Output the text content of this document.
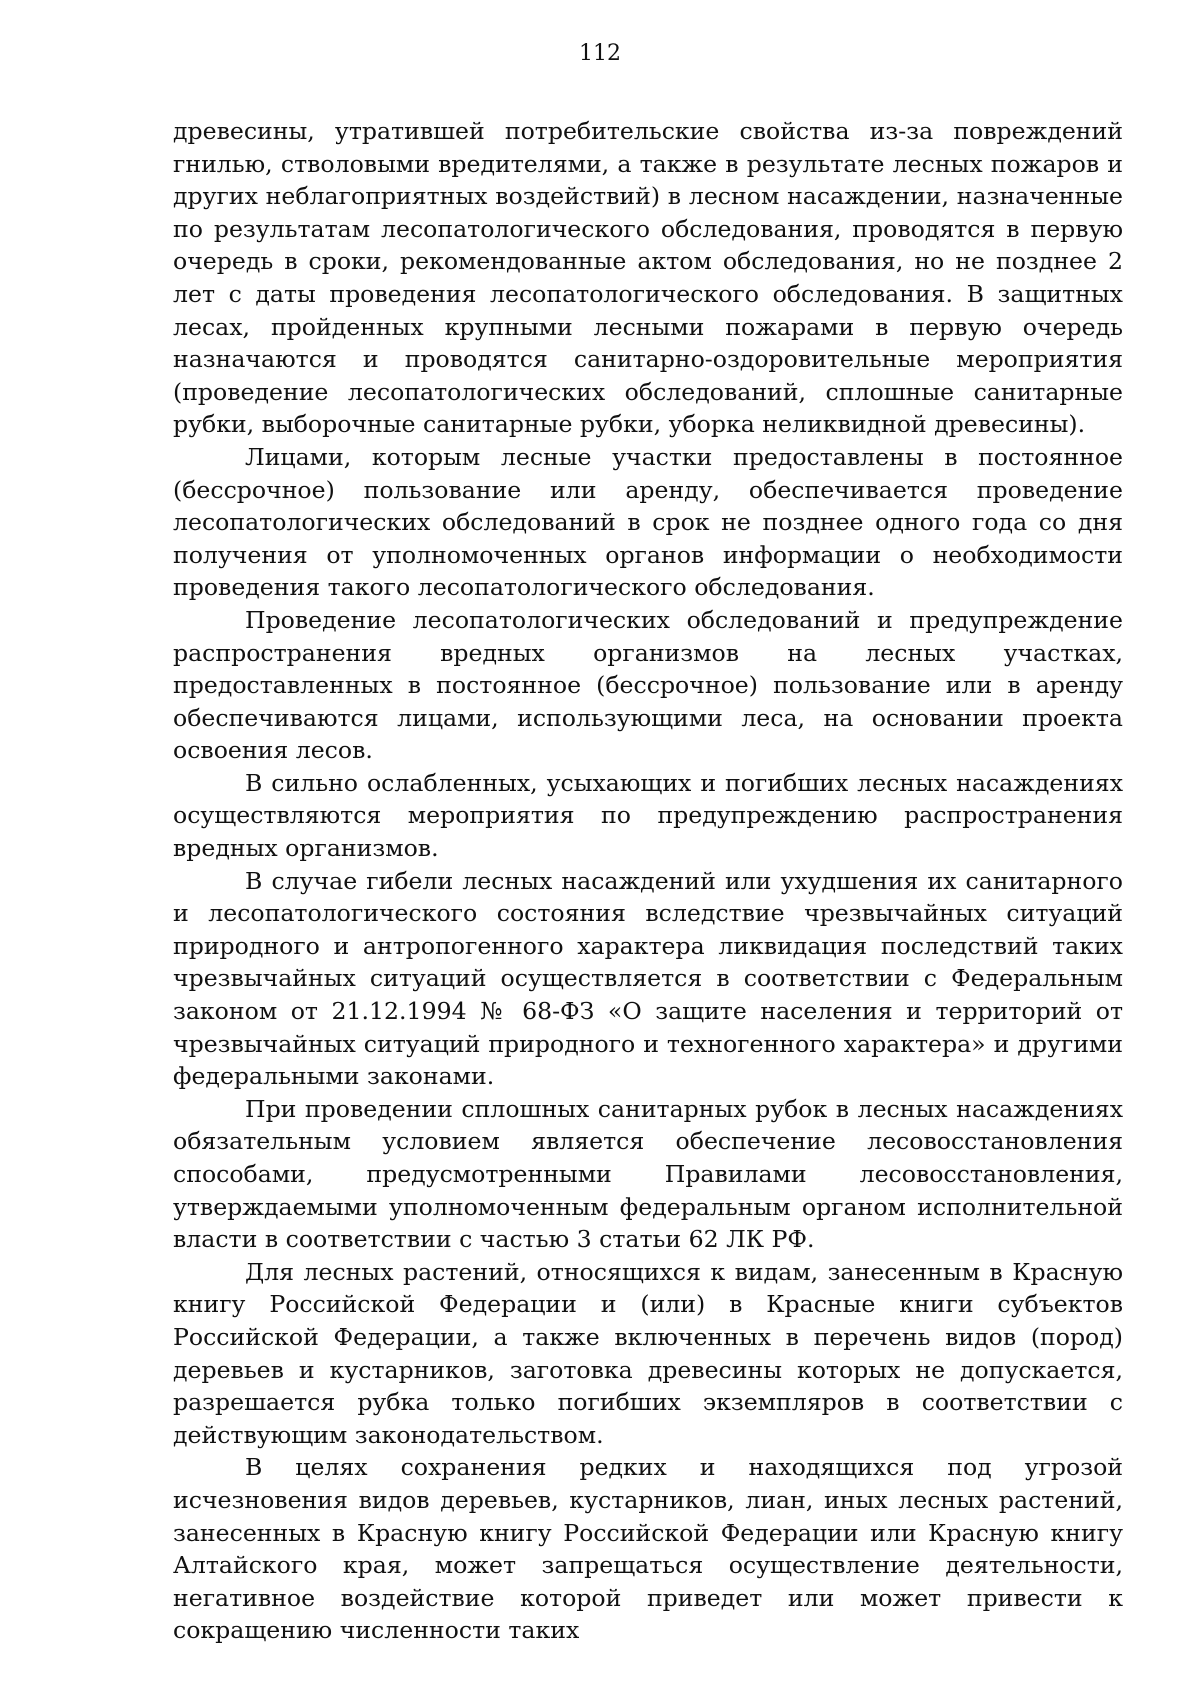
112

древесины, утратившей потребительские свойства из-за повреждений гнилью, стволовыми вредителями, а также в результате лесных пожаров и других неблагоприятных воздействий) в лесном насаждении, назначенные по результатам лесопатологического обследования, проводятся в первую очередь в сроки, рекомендованные актом обследования, но не позднее 2 лет с даты проведения лесопатологического обследования. В защитных лесах, пройденных крупными лесными пожарами в первую очередь назначаются и проводятся санитарно-оздоровительные мероприятия (проведение лесопатологических обследований, сплошные санитарные рубки, выборочные санитарные рубки, уборка неликвидной древесины).

Лицами, которым лесные участки предоставлены в постоянное (бессрочное) пользование или аренду, обеспечивается проведение лесопатологических обследований в срок не позднее одного года со дня получения от уполномоченных органов информации о необходимости проведения такого лесопатологического обследования.

Проведение лесопатологических обследований и предупреждение распространения вредных организмов на лесных участках, предоставленных в постоянное (бессрочное) пользование или в аренду обеспечиваются лицами, использующими леса, на основании проекта освоения лесов.

В сильно ослабленных, усыхающих и погибших лесных насаждениях осуществляются мероприятия по предупреждению распространения вредных организмов.

В случае гибели лесных насаждений или ухудшения их санитарного и лесопатологического состояния вследствие чрезвычайных ситуаций природного и антропогенного характера ликвидация последствий таких чрезвычайных ситуаций осуществляется в соответствии с Федеральным законом от 21.12.1994 № 68-ФЗ «О защите населения и территорий от чрезвычайных ситуаций природного и техногенного характера» и другими федеральными законами.

При проведении сплошных санитарных рубок в лесных насаждениях обязательным условием является обеспечение лесовосстановления способами, предусмотренными Правилами лесовосстановления, утверждаемыми уполномоченным федеральным органом исполнительной власти в соответствии с частью 3 статьи 62 ЛК РФ.

Для лесных растений, относящихся к видам, занесенным в Красную книгу Российской Федерации и (или) в Красные книги субъектов Российской Федерации, а также включенных в перечень видов (пород) деревьев и кустарников, заготовка древесины которых не допускается, разрешается рубка только погибших экземпляров в соответствии с действующим законодательством.

В целях сохранения редких и находящихся под угрозой исчезновения видов деревьев, кустарников, лиан, иных лесных растений, занесенных в Красную книгу Российской Федерации или Красную книгу Алтайского края, может запрещаться осуществление деятельности, негативное воздействие которой приведет или может привести к сокращению численности таких
